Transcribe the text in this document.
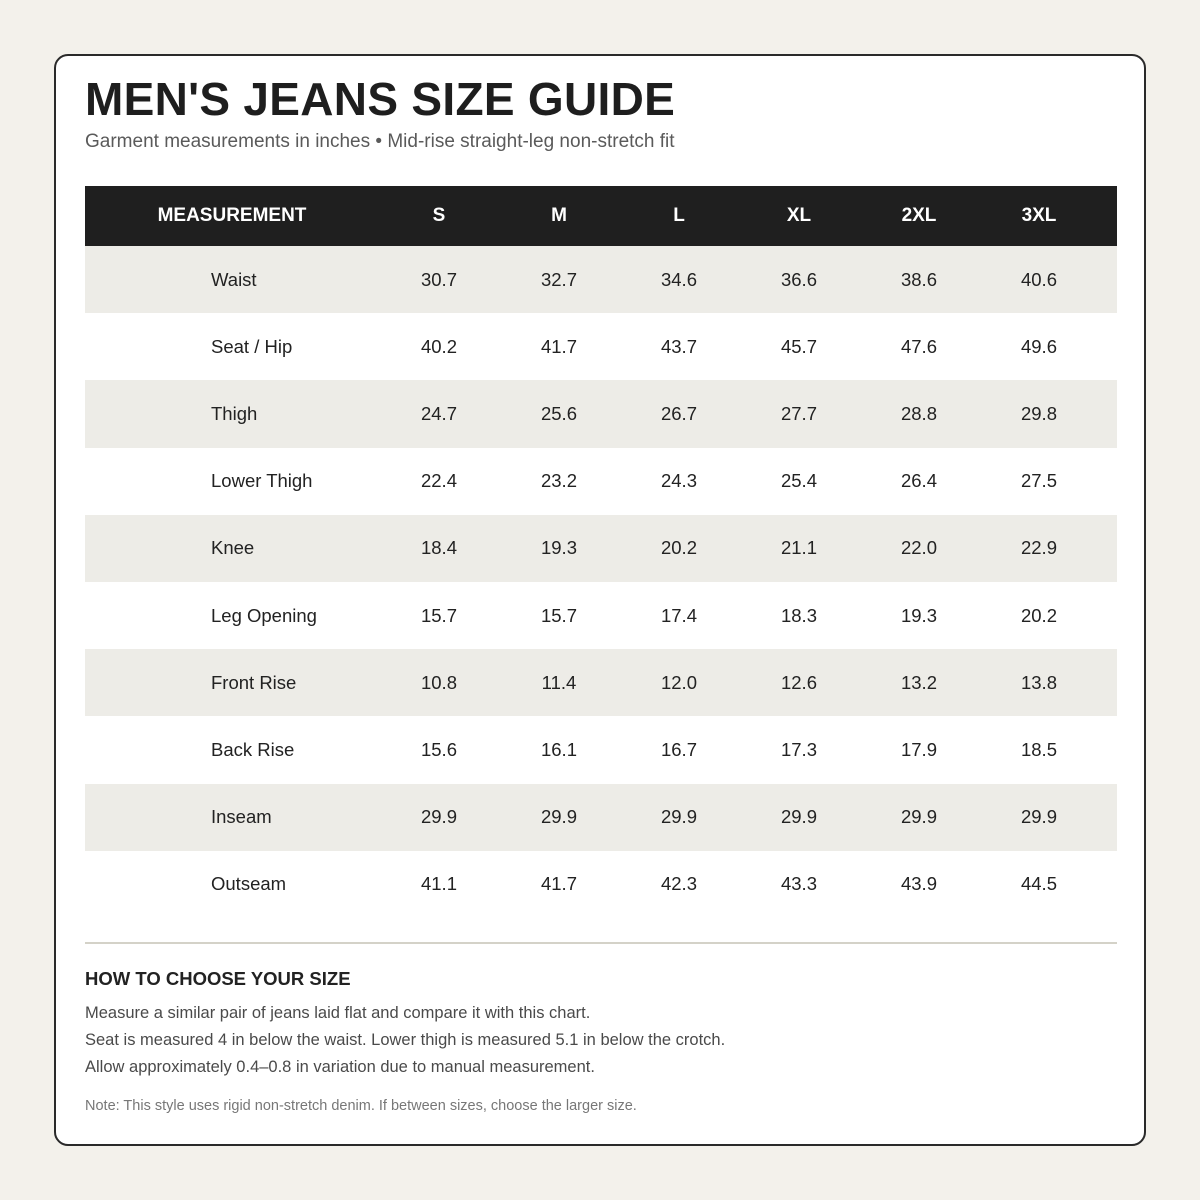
MEN'S JEANS SIZE GUIDE
Garment measurements in inches • Mid-rise straight-leg non-stretch fit
MEASUREMENT	S	M	L	XL	2XL	3XL
Waist	30.7	32.7	34.6	36.6	38.6	40.6
Seat / Hip	40.2	41.7	43.7	45.7	47.6	49.6
Thigh	24.7	25.6	26.7	27.7	28.8	29.8
Lower Thigh	22.4	23.2	24.3	25.4	26.4	27.5
Knee	18.4	19.3	20.2	21.1	22.0	22.9
Leg Opening	15.7	15.7	17.4	18.3	19.3	20.2
Front Rise	10.8	11.4	12.0	12.6	13.2	13.8
Back Rise	15.6	16.1	16.7	17.3	17.9	18.5
Inseam	29.9	29.9	29.9	29.9	29.9	29.9
Outseam	41.1	41.7	42.3	43.3	43.9	44.5
HOW TO CHOOSE YOUR SIZE
Measure a similar pair of jeans laid flat and compare it with this chart.
Seat is measured 4 in below the waist. Lower thigh is measured 5.1 in below the crotch.
Allow approximately 0.4–0.8 in variation due to manual measurement.
Note: This style uses rigid non-stretch denim. If between sizes, choose the larger size.
